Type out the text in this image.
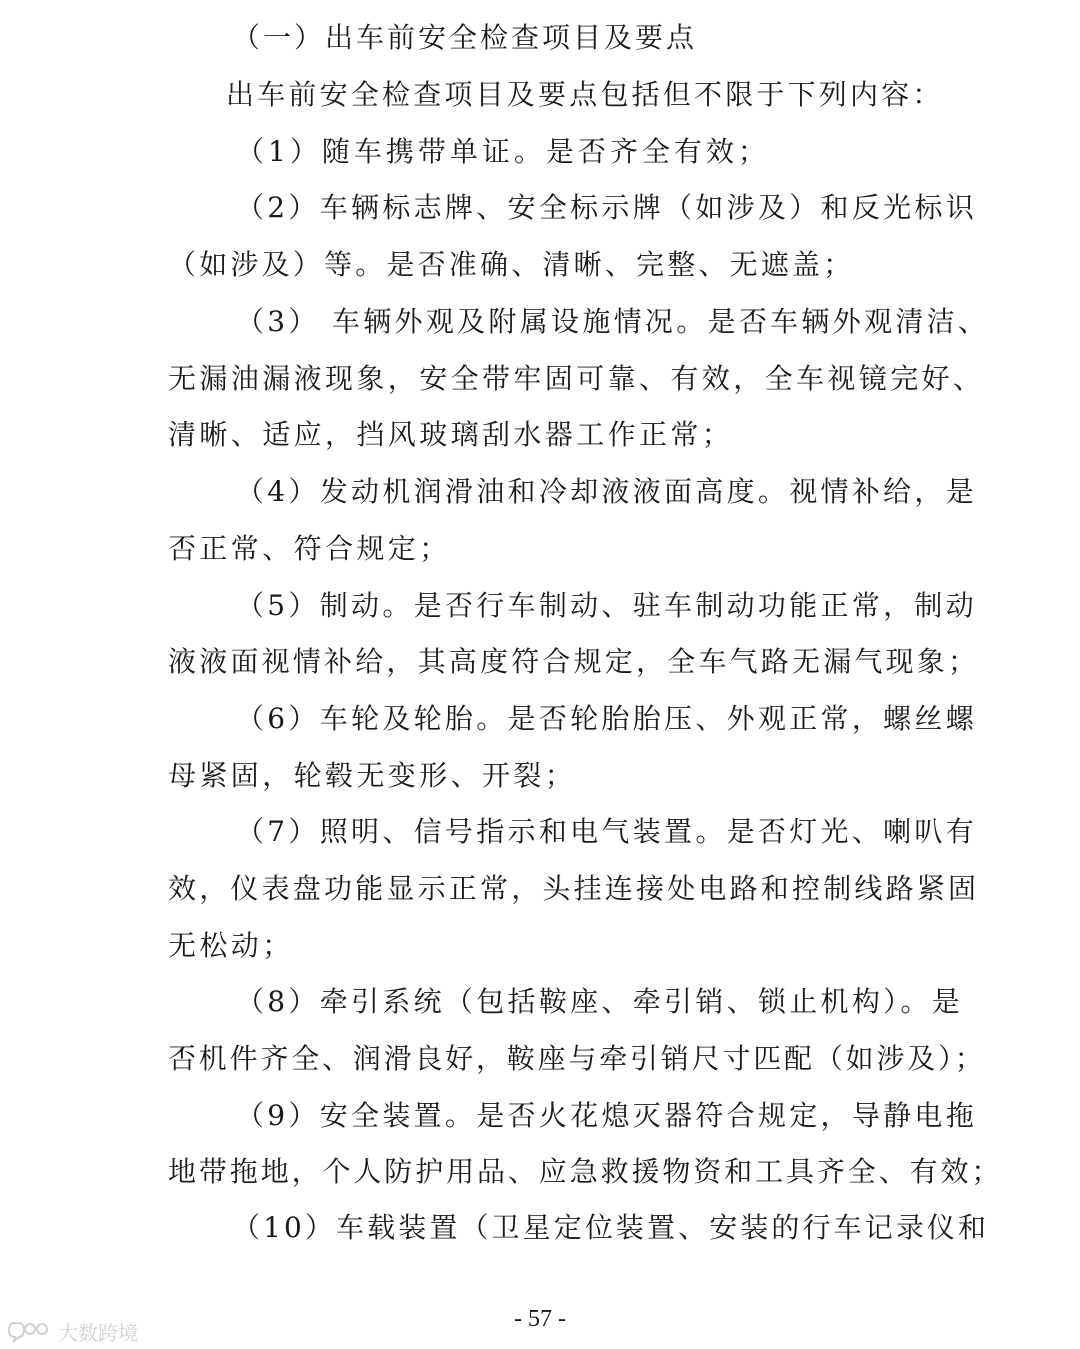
（一）出车前安全检查项目及要点
出车前安全检查项目及要点包括但不限于下列内容：
（1）随车携带单证。是否齐全有效；
（2）车辆标志牌、安全标示牌（如涉及）和反光标识
（如涉及）等。是否准确、清晰、完整、无遮盖；
（3） 车辆外观及附属设施情况。是否车辆外观清洁、
无漏油漏液现象，安全带牢固可靠、有效，全车视镜完好、
清晰、适应，挡风玻璃刮水器工作正常；
（4）发动机润滑油和冷却液液面高度。视情补给，是
否正常、符合规定；
（5）制动。是否行车制动、驻车制动功能正常，制动
液液面视情补给，其高度符合规定，全车气路无漏气现象；
（6）车轮及轮胎。是否轮胎胎压、外观正常，螺丝螺
母紧固，轮毂无变形、开裂；
（7）照明、信号指示和电气装置。是否灯光、喇叭有
效，仪表盘功能显示正常，头挂连接处电路和控制线路紧固
无松动；
（8）牵引系统（包括鞍座、牵引销、锁止机构）。是
否机件齐全、润滑良好，鞍座与牵引销尺寸匹配（如涉及）；
（9）安全装置。是否火花熄灭器符合规定，导静电拖
地带拖地，个人防护用品、应急救援物资和工具齐全、有效；
（10）车载装置（卫星定位装置、安装的行车记录仪和
- 57 -
大数跨境
